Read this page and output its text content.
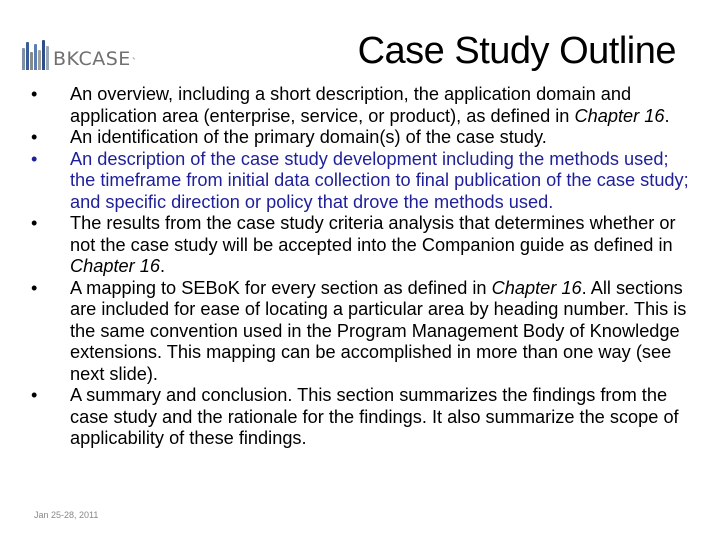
BKCASE `	Case Study Outline
• An overview, including a short description, the application domain and application area (enterprise, service, or product), as defined in Chapter 16.
• An identification of the primary domain(s) of the case study.
• An description of the case study development including the methods used; the timeframe from initial data collection to final publication of the case study; and specific direction or policy that drove the methods used.
• The results from the case study criteria analysis that determines whether or not the case study will be accepted into the Companion guide as defined in Chapter 16.
• A mapping to SEBoK for every section as defined in Chapter 16. All sections are included for ease of locating a particular area by heading number. This is the same convention used in the Program Management Body of Knowledge extensions. This mapping can be accomplished in more than one way (see next slide).
• A summary and conclusion. This section summarizes the findings from the case study and the rationale for the findings. It also summarize the scope of applicability of these findings.
Jan 25-28, 2011
